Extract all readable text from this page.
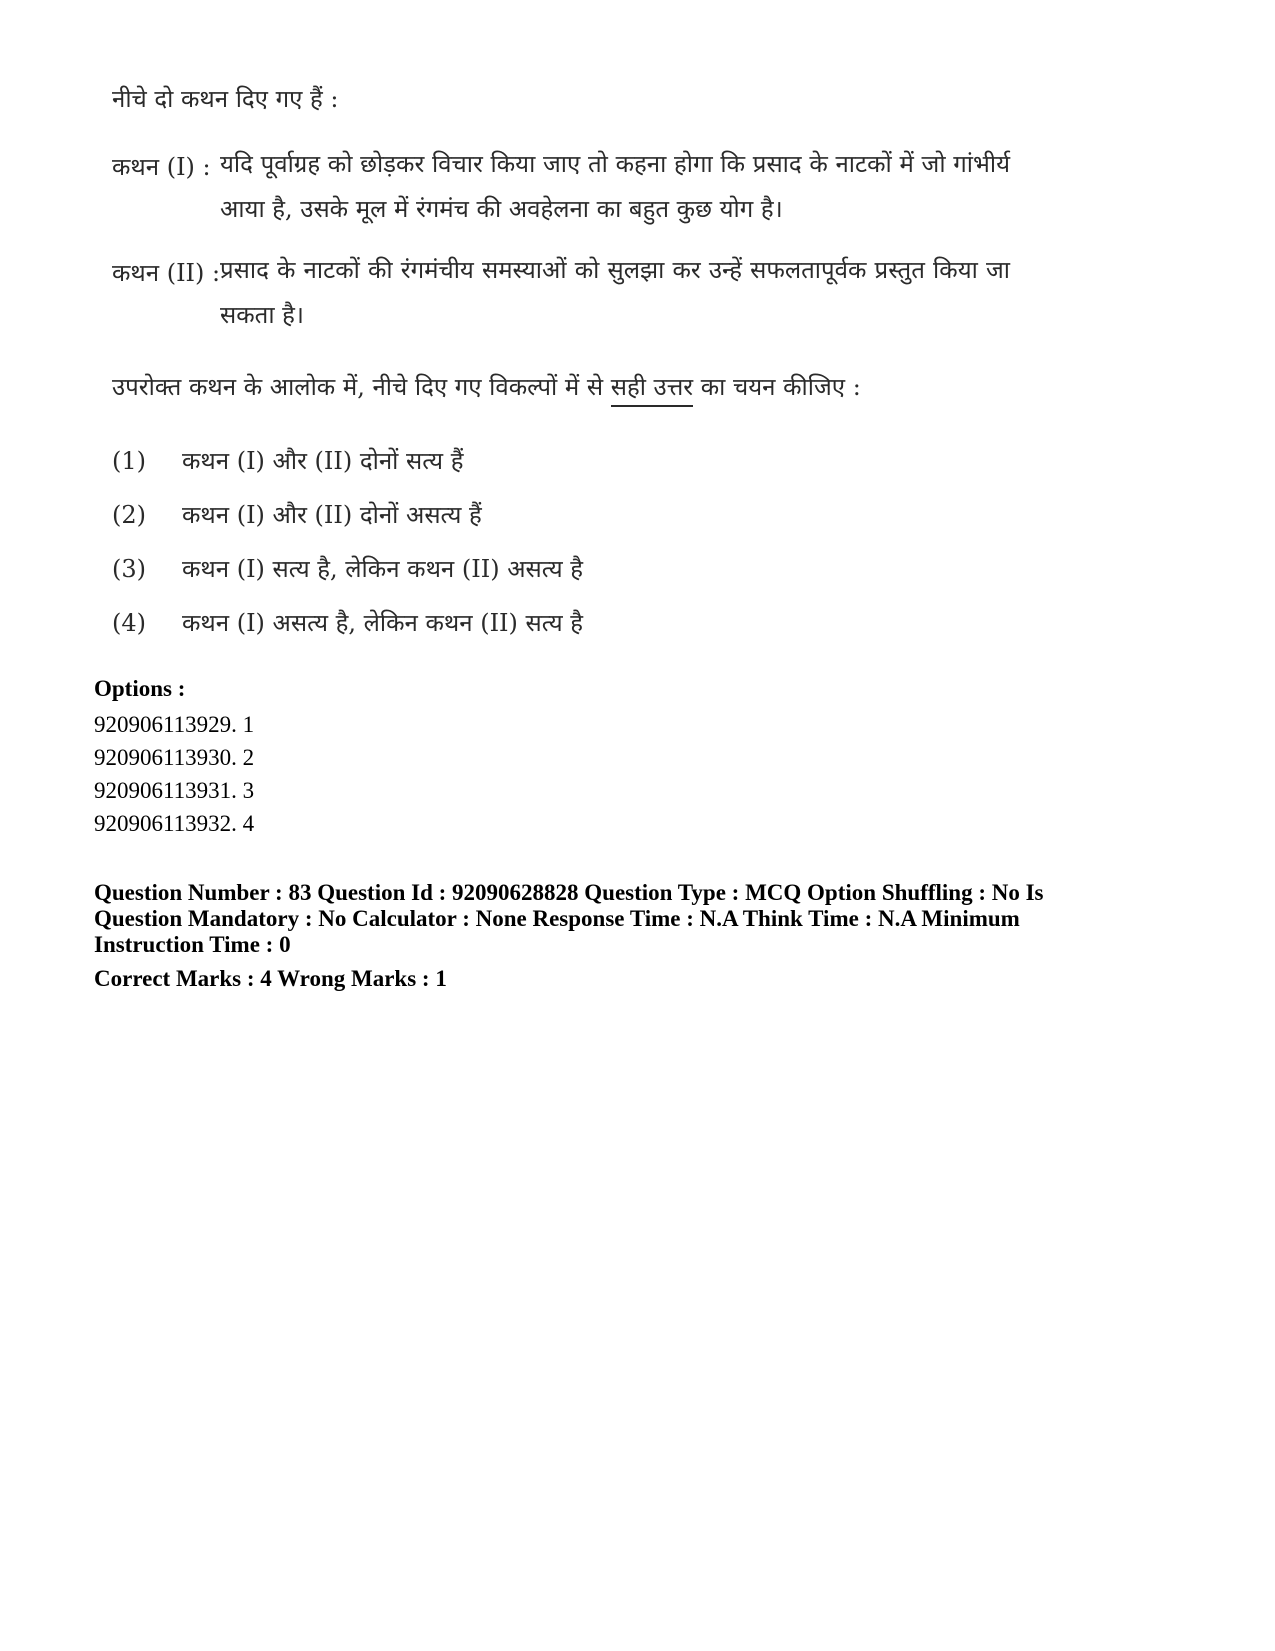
नीचे दो कथन दिए गए हैं :
कथन (I) : यदि पूर्वाग्रह को छोड़कर विचार किया जाए तो कहना होगा कि प्रसाद के नाटकों में जो गांभीर्य आया है, उसके मूल में रंगमंच की अवहेलना का बहुत कुछ योग है।
कथन (II) : प्रसाद के नाटकों की रंगमंचीय समस्याओं को सुलझा कर उन्हें सफलतापूर्वक प्रस्तुत किया जा सकता है।
उपरोक्त कथन के आलोक में, नीचे दिए गए विकल्पों में से सही उत्तर का चयन कीजिए :
(1) कथन (I) और (II) दोनों सत्य हैं
(2) कथन (I) और (II) दोनों असत्य हैं
(3) कथन (I) सत्य है, लेकिन कथन (II) असत्य है
(4) कथन (I) असत्य है, लेकिन कथन (II) सत्य है
Options :
920906113929. 1
920906113930. 2
920906113931. 3
920906113932. 4
Question Number : 83 Question Id : 92090628828 Question Type : MCQ Option Shuffling : No Is Question Mandatory : No Calculator : None Response Time : N.A Think Time : N.A Minimum Instruction Time : 0
Correct Marks : 4 Wrong Marks : 1
